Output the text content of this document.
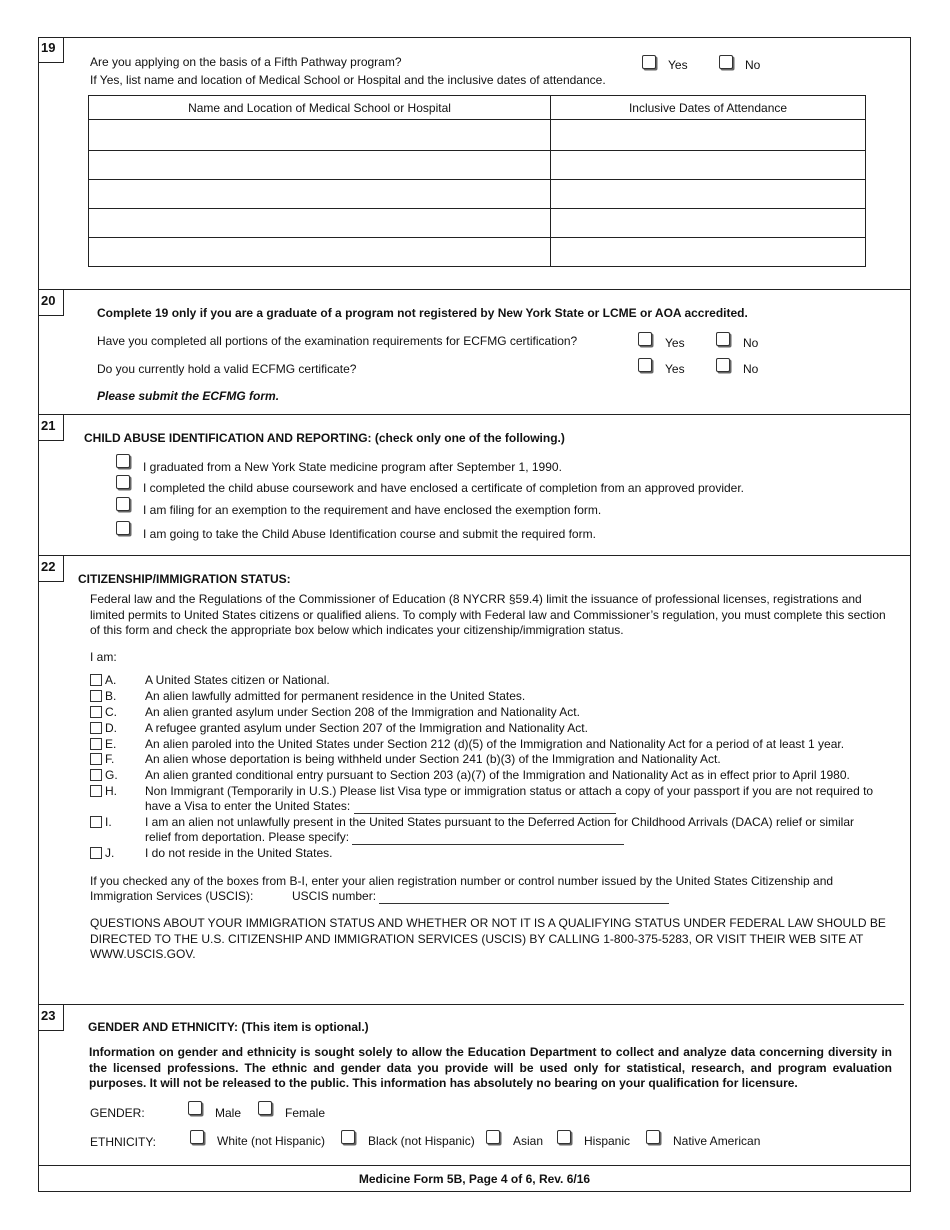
19
Are you applying on the basis of a Fifth Pathway program?
If Yes, list name and location of Medical School or Hospital and the inclusive dates of attendance.
Yes	No
Name and Location of Medical School or Hospital	Inclusive Dates of Attendance

20
Complete 19 only if you are a graduate of a program not registered by New York State or LCME or AOA accredited.
Have you completed all portions of the examination requirements for ECFMG certification?	Yes	No
Do you currently hold a valid ECFMG certificate?	Yes	No
Please submit the ECFMG form.
21
CHILD ABUSE IDENTIFICATION AND REPORTING: (check only one of the following.)
I graduated from a New York State medicine program after September 1, 1990.
I completed the child abuse coursework and have enclosed a certificate of completion from an approved provider.
I am filing for an exemption to the requirement and have enclosed the exemption form.
I am going to take the Child Abuse Identification course and submit the required form.
22
CITIZENSHIP/IMMIGRATION STATUS:
Federal law and the Regulations of the Commissioner of Education (8 NYCRR §59.4) limit the issuance of professional licenses, registrations and limited permits to United States citizens or qualified aliens. To comply with Federal law and Commissioner’s regulation, you must complete this section of this form and check the appropriate box below which indicates your citizenship/immigration status.
I am:
A. A United States citizen or National.
B. An alien lawfully admitted for permanent residence in the United States.
C. An alien granted asylum under Section 208 of the Immigration and Nationality Act.
D. A refugee granted asylum under Section 207 of the Immigration and Nationality Act.
E. An alien paroled into the United States under Section 212 (d)(5) of the Immigration and Nationality Act for a period of at least 1 year.
F.	An alien whose deportation is being withheld under Section 241 (b)(3) of the Immigration and Nationality Act.
G. An alien granted conditional entry pursuant to Section 203 (a)(7) of the Immigration and Nationality Act as in effect prior to April 1980.
H. Non Immigrant (Temporarily in U.S.) Please list Visa type or immigration status or attach a copy of your passport if you are not required to
have a Visa to enter the United States:
I.	I am an alien not unlawfully present in the United States pursuant to the Deferred Action for Childhood Arrivals (DACA) relief or similar
relief from deportation. Please specify:
J.	I do not reside in the United States.
If you checked any of the boxes from B-I, enter your alien registration number or control number issued by the United States Citizenship and
Immigration Services (USCIS):	USCIS number:
QUESTIONS ABOUT YOUR IMMIGRATION STATUS AND WHETHER OR NOT IT IS A QUALIFYING STATUS UNDER FEDERAL LAW SHOULD BE DIRECTED TO THE U.S. CITIZENSHIP AND IMMIGRATION SERVICES (USCIS) BY CALLING 1-800-375-5283, OR VISIT THEIR WEB SITE AT WWW.USCIS.GOV.
23
GENDER AND ETHNICITY: (This item is optional.)
Information on gender and ethnicity is sought solely to allow the Education Department to collect and analyze data concerning diversity in the licensed professions. The ethnic and gender data you provide will be used only for statistical, research, and program evaluation purposes. It will not be released to the public. This information has absolutely no bearing on your qualification for licensure.
GENDER:	Male	Female
ETHNICITY:	White (not Hispanic)	Black (not Hispanic)	Asian	Hispanic	Native American
Medicine Form 5B, Page 4 of 6, Rev. 6/16
